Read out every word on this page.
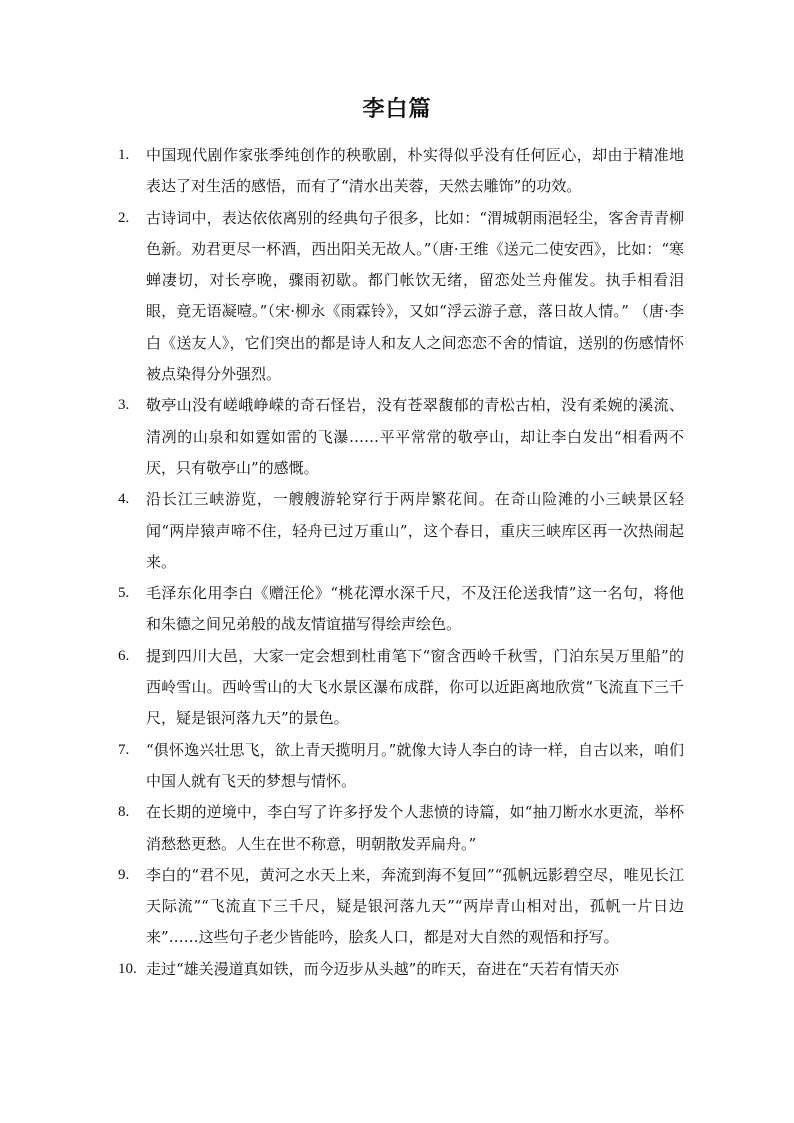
李白篇
1.	中国现代剧作家张季纯创作的秧歌剧，朴实得似乎没有任何匠心，却由于精准地表达了对生活的感悟，而有了“清水出芙蓉，天然去雕饰”的功效。
2.	古诗词中，表达依依离别的经典句子很多，比如：“渭城朝雨浥轻尘，客舍青青柳色新。劝君更尽一杯酒，西出阳关无故人。”（唐·王维《送元二使安西》，比如：“寒蝉凄切，对长亭晚，骤雨初歇。都门帐饮无绪，留恋处兰舟催发。执手相看泪眼，竟无语凝噎。”（宋·柳永《雨霖铃》，又如“浮云游子意，落日故人情。” （唐·李白《送友人》，它们突出的都是诗人和友人之间恋恋不舍的情谊，送别的伤感情怀被点染得分外强烈。
3.	敬亭山没有嵯峨峥嵘的奇石怪岩，没有苍翠馥郁的青松古柏，没有柔婉的溪流、清冽的山泉和如霆如雷的飞瀑……平平常常的敬亭山，却让李白发出“相看两不厌，只有敬亭山”的感慨。
4.	沿长江三峡游览，一艘艘游轮穿行于两岸繁花间。在奇山险滩的小三峡景区轻闻“两岸猿声啼不住，轻舟已过万重山”，这个春日，重庆三峡库区再一次热闹起来。
5.	毛泽东化用李白《赠汪伦》“桃花潭水深千尺，不及汪伦送我情”这一名句，将他和朱德之间兄弟般的战友情谊描写得绘声绘色。
6.	提到四川大邑，大家一定会想到杜甫笔下“窗含西岭千秋雪，门泊东吴万里船”的西岭雪山。西岭雪山的大飞水景区瀑布成群，你可以近距离地欣赏“飞流直下三千尺，疑是银河落九天”的景色。
7.	“俱怀逸兴壮思飞，欲上青天揽明月。”就像大诗人李白的诗一样，自古以来，咱们中国人就有飞天的梦想与情怀。
8.	在长期的逆境中，李白写了许多抒发个人悲愤的诗篇，如“抽刀断水水更流，举杯消愁愁更愁。人生在世不称意，明朝散发弄扁舟。”
9.	李白的“君不见，黄河之水天上来，奔流到海不复回”“孤帆远影碧空尽，唯见长江天际流”“飞流直下三千尺，疑是银河落九天”“两岸青山相对出，孤帆一片日边来”……这些句子老少皆能吟，脍炙人口，都是对大自然的观悟和抒写。
10. 走过“雄关漫道真如铁，而今迈步从头越”的昨天，奋进在“天若有情天亦
